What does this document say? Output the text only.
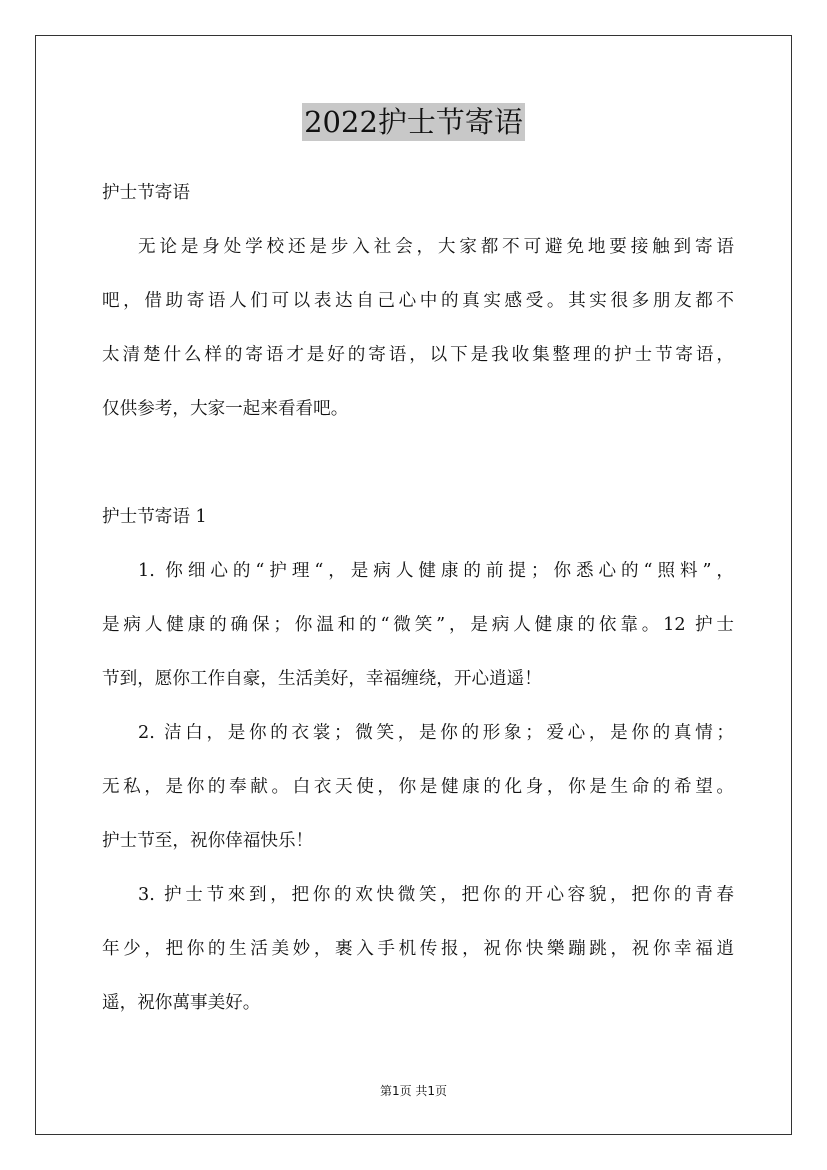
2022护士节寄语
护士节寄语
无论是身处学校还是步入社会，大家都不可避免地要接触到寄语
吧，借助寄语人们可以表达自己心中的真实感受。其实很多朋友都不
太清楚什么样的寄语才是好的寄语，以下是我收集整理的护士节寄语，
仅供参考，大家一起来看看吧。
护士节寄语 1
1. 你细心的“护理“，是病人健康的前提；你悉心的“照料”，
是病人健康的确保；你温和的“微笑”，是病人健康的依靠。12 护士
节到，愿你工作自豪，生活美好，幸福缠绕，开心逍遥！
2. 洁白，是你的衣裳；微笑，是你的形象；爱心，是你的真情；
无私，是你的奉献。白衣天使，你是健康的化身，你是生命的希望。
护士节至，祝你倖福快乐！
3. 护士节來到，把你的欢快微笑，把你的开心容貌，把你的青春
年少，把你的生活美妙，裹入手机传报，祝你快樂蹦跳，祝你幸福逍
遥，祝你萬事美好。
第1页 共1页
